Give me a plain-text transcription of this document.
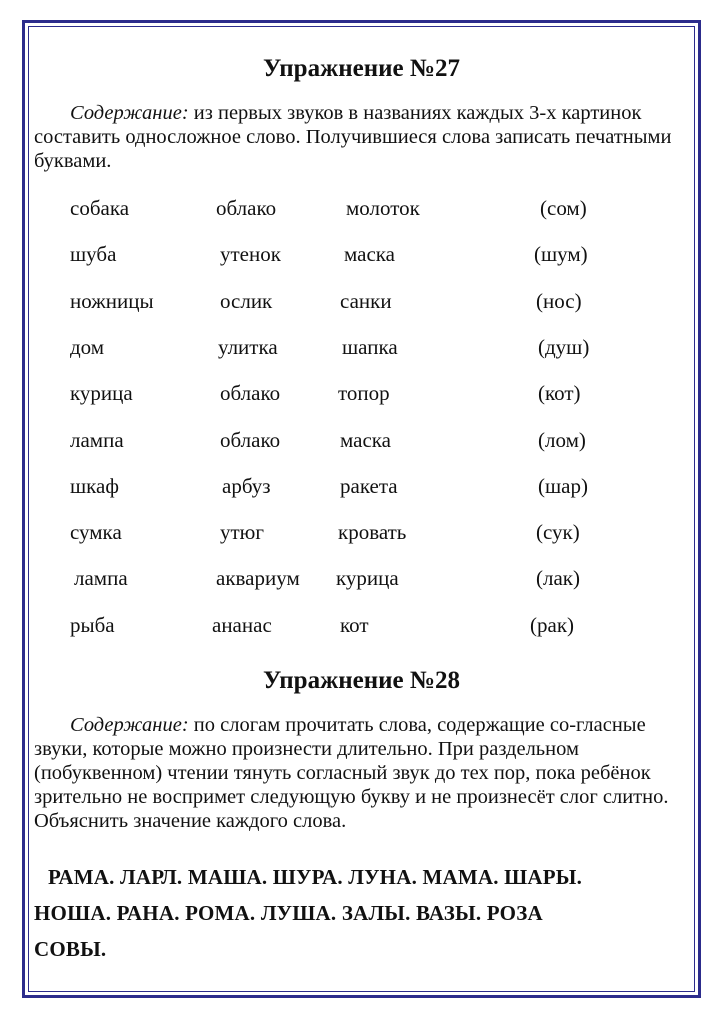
Упражнение №27
Содержание: из первых звуков в названиях каждых 3-х картинок составить односложное слово. Получившиеся слова записать печатными буквами.
собака	облако	молоток	(сом)
шуба	утенок	маска	(шум)
ножницы	ослик	санки	(нос)
дом	улитка	шапка	(душ)
курица	облако	топор	(кот)
лампа	облако	маска	(лом)
шкаф	арбуз	ракета	(шар)
сумка	утюг	кровать	(сук)
лампа	аквариум курица	(лак)
рыба	ананас	кот	(рак)
Упражнение №28
Содержание: по слогам прочитать слова, содержащие со-гласные звуки, которые можно произнести длительно. При раздельном (побуквенном) чтении тянуть согласный звук до тех пор, пока ребёнок зрительно не воспримет следующую букву и не произнесёт слог слитно. Объяснить значение каждого слова.
РАМА. ЛАРЛ. МАША. ШУРА. ЛУНА. МАМА. ШАРЫ.
НОША. РАНА. РОМА. ЛУША. ЗАЛЫ. ВАЗЫ. РОЗА
СОВЫ.
